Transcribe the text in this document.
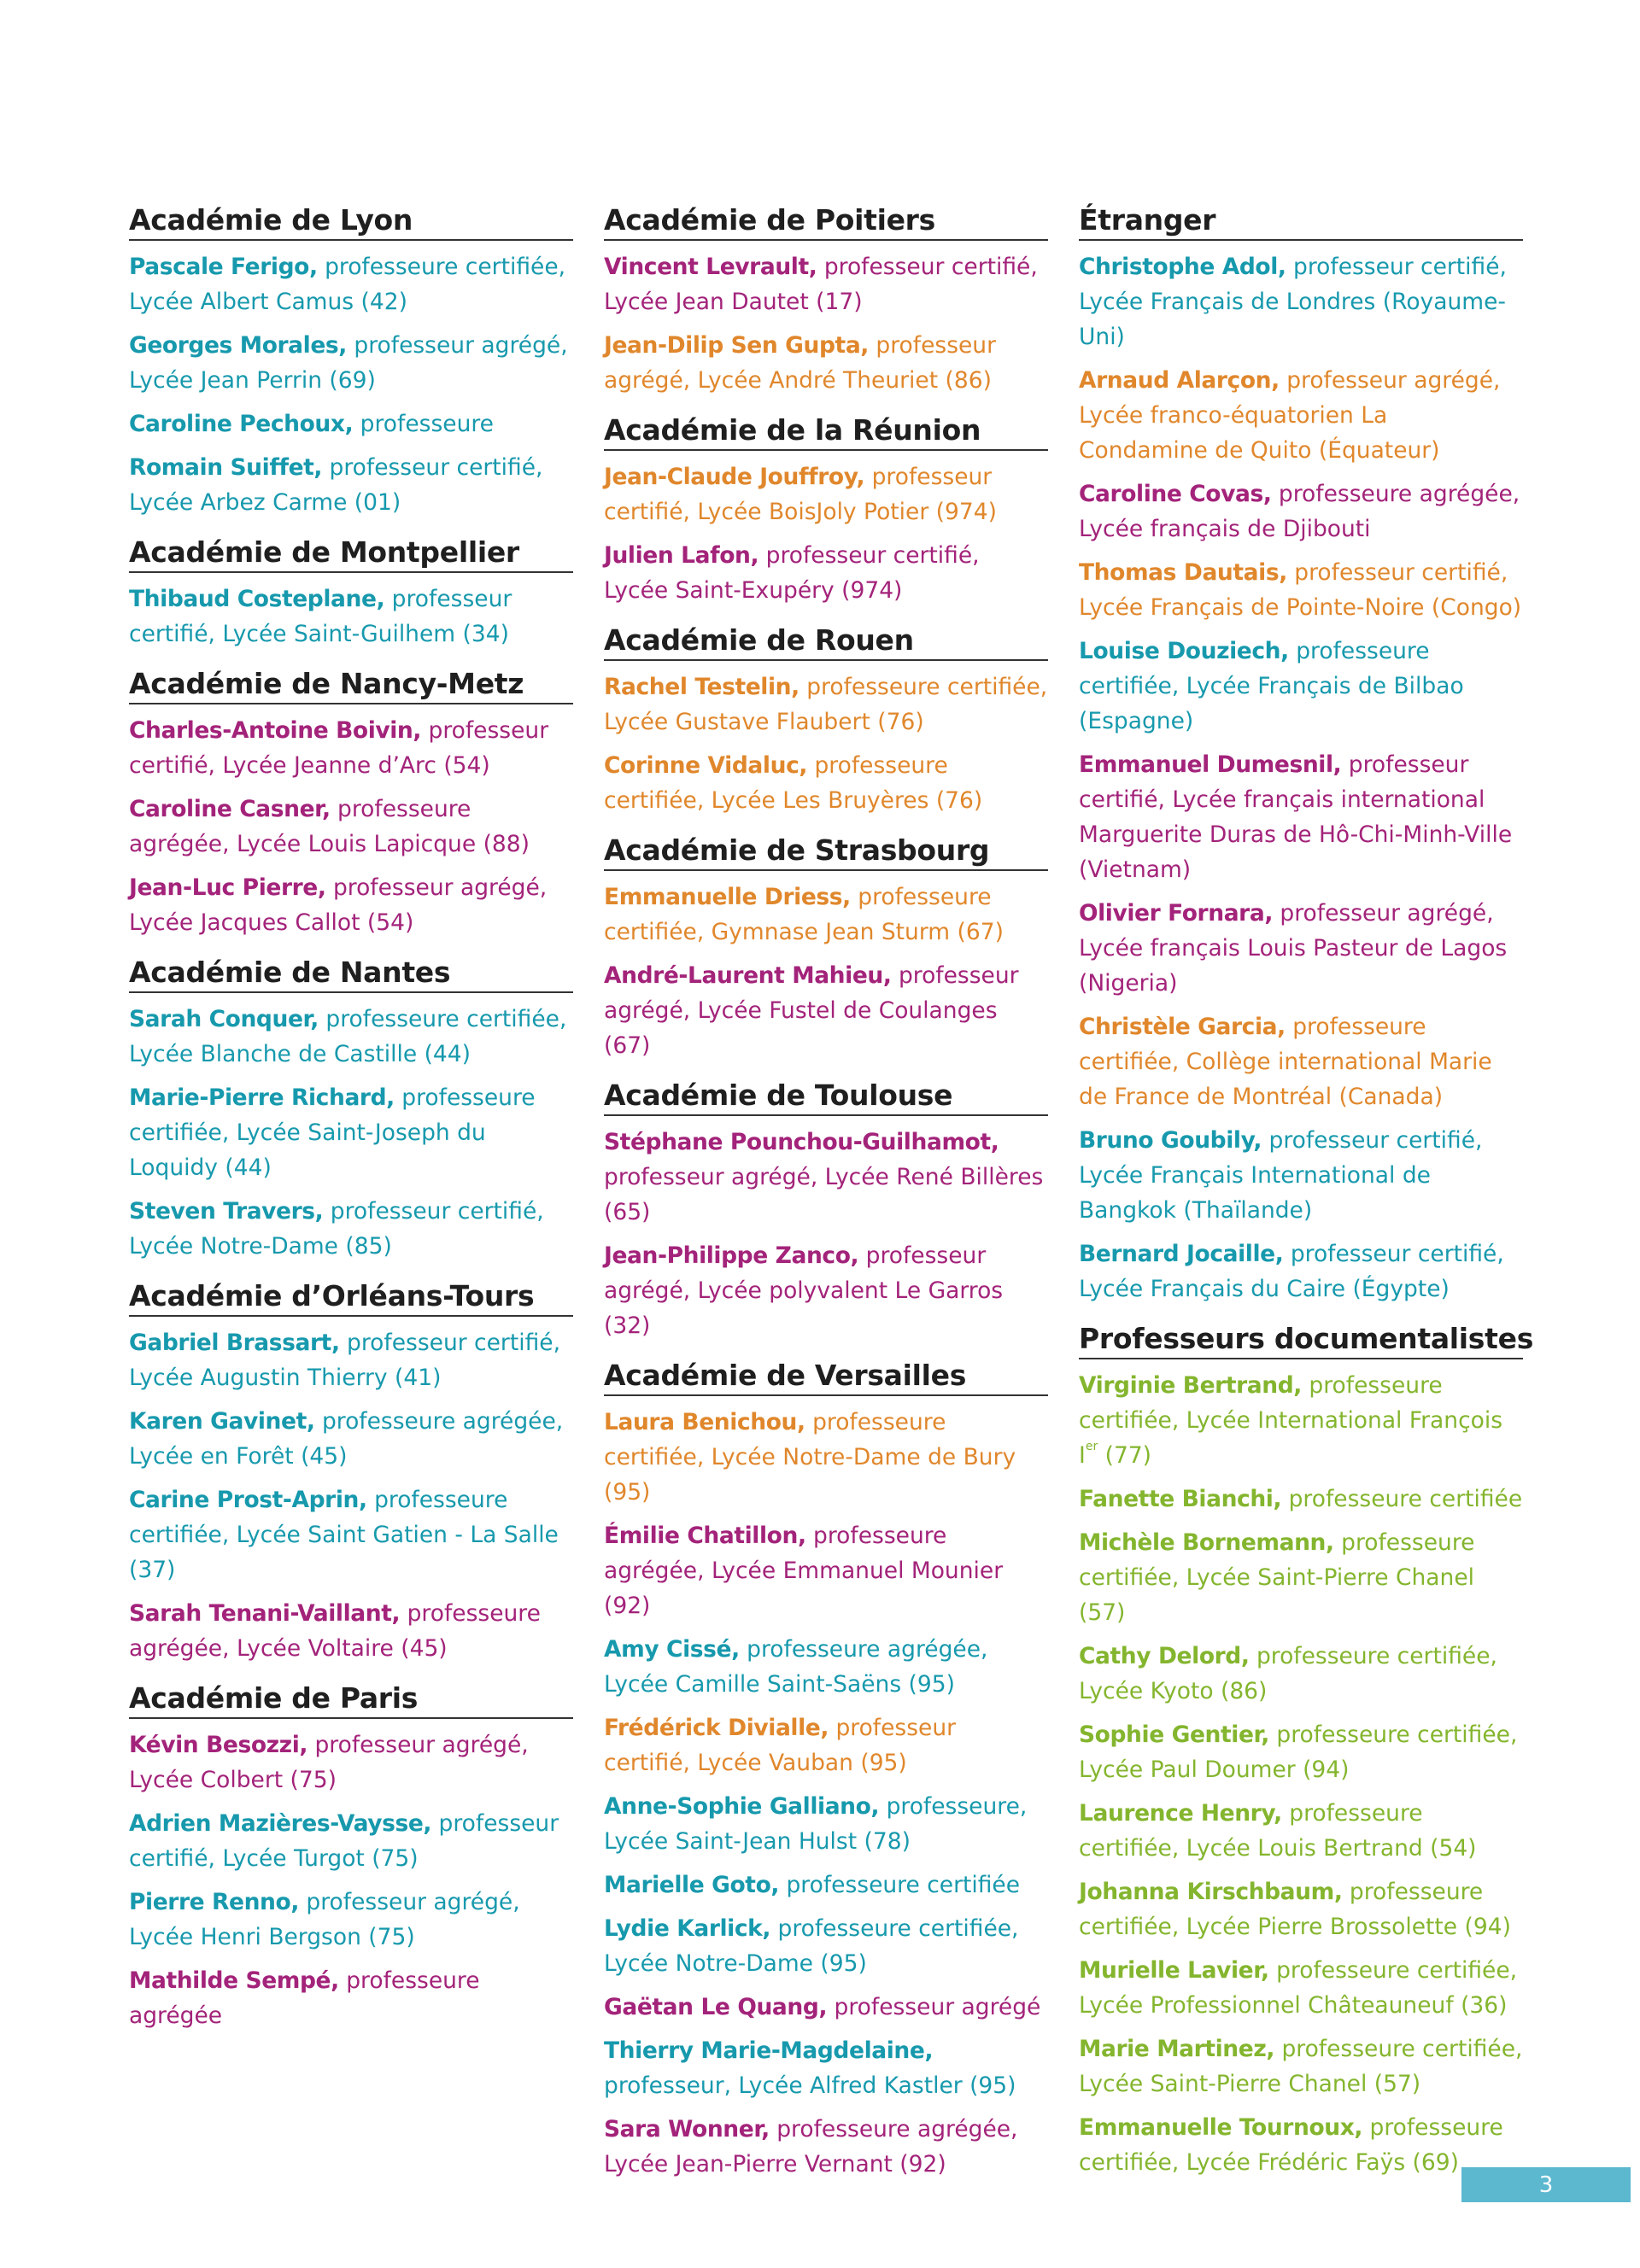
Académie de Lyon
Pascale Ferigo, professeure certifiée, Lycée Albert Camus (42)
Georges Morales, professeur agrégé, Lycée Jean Perrin (69)
Caroline Pechoux, professeure
Romain Suiffet, professeur certifié, Lycée Arbez Carme (01)
Académie de Montpellier
Thibaud Costeplane, professeur certifié, Lycée Saint-Guilhem (34)
Académie de Nancy-Metz
Charles-Antoine Boivin, professeur certifié, Lycée Jeanne d’Arc (54)
Caroline Casner, professeure agrégée, Lycée Louis Lapicque (88)
Jean-Luc Pierre, professeur agrégé, Lycée Jacques Callot (54)
Académie de Nantes
Sarah Conquer, professeure certifiée, Lycée Blanche de Castille (44)
Marie-Pierre Richard, professeure certifiée, Lycée Saint-Joseph du Loquidy (44)
Steven Travers, professeur certifié, Lycée Notre-Dame (85)
Académie d’Orléans-Tours
Gabriel Brassart, professeur certifié, Lycée Augustin Thierry (41)
Karen Gavinet, professeure agrégée, Lycée en Forêt (45)
Carine Prost-Aprin, professeure certifiée, Lycée Saint Gatien - La Salle (37)
Sarah Tenani-Vaillant, professeure agrégée, Lycée Voltaire (45)
Académie de Paris
Kévin Besozzi, professeur agrégé, Lycée Colbert (75)
Adrien Mazières-Vaysse, professeur certifié, Lycée Turgot (75)
Pierre Renno, professeur agrégé, Lycée Henri Bergson (75)
Mathilde Sempé, professeure agrégée
Académie de Poitiers
Vincent Levrault, professeur certifié, Lycée Jean Dautet (17)
Jean-Dilip Sen Gupta, professeur agrégé, Lycée André Theuriet (86)
Académie de la Réunion
Jean-Claude Jouffroy, professeur certifié, Lycée BoisJoly Potier (974)
Julien Lafon, professeur certifié, Lycée Saint-Exupéry (974)
Académie de Rouen
Rachel Testelin, professeure certifiée, Lycée Gustave Flaubert (76)
Corinne Vidaluc, professeure certifiée, Lycée Les Bruyères (76)
Académie de Strasbourg
Emmanuelle Driess, professeure certifiée, Gymnase Jean Sturm (67)
André-Laurent Mahieu, professeur agrégé, Lycée Fustel de Coulanges (67)
Académie de Toulouse
Stéphane Pounchou-Guilhamot, professeur agrégé, Lycée René Billères (65)
Jean-Philippe Zanco, professeur agrégé, Lycée polyvalent Le Garros (32)
Académie de Versailles
Laura Benichou, professeure certifiée, Lycée Notre-Dame de Bury (95)
Émilie Chatillon, professeure agrégée, Lycée Emmanuel Mounier (92)
Amy Cissé, professeure agrégée, Lycée Camille Saint-Saëns (95)
Frédérick Divialle, professeur certifié, Lycée Vauban (95)
Anne-Sophie Galliano, professeure, Lycée Saint-Jean Hulst (78)
Marielle Goto, professeure certifiée
Lydie Karlick, professeure certifiée, Lycée Notre-Dame (95)
Gaëtan Le Quang, professeur agrégé
Thierry Marie-Magdelaine, professeur, Lycée Alfred Kastler (95)
Sara Wonner, professeure agrégée, Lycée Jean-Pierre Vernant (92)
Étranger
Christophe Adol, professeur certifié, Lycée Français de Londres (Royaume-Uni)
Arnaud Alarçon, professeur agrégé, Lycée franco-équatorien La Condamine de Quito (Équateur)
Caroline Covas, professeure agrégée, Lycée français de Djibouti
Thomas Dautais, professeur certifié, Lycée Français de Pointe-Noire (Congo)
Louise Douziech, professeure certifiée, Lycée Français de Bilbao (Espagne)
Emmanuel Dumesnil, professeur certifié, Lycée français international Marguerite Duras de Hô-Chi-Minh-Ville (Vietnam)
Olivier Fornara, professeur agrégé, Lycée français Louis Pasteur de Lagos (Nigeria)
Christèle Garcia, professeure certifiée, Collège international Marie de France de Montréal (Canada)
Bruno Goubily, professeur certifié, Lycée Français International de Bangkok (Thaïlande)
Bernard Jocaille, professeur certifié, Lycée Français du Caire (Égypte)
Professeurs documentalistes
Virginie Bertrand, professeure certifiée, Lycée International François Ier (77)
Fanette Bianchi, professeure certifiée
Michèle Bornemann, professeure certifiée, Lycée Saint-Pierre Chanel (57)
Cathy Delord, professeure certifiée, Lycée Kyoto (86)
Sophie Gentier, professeure certifiée, Lycée Paul Doumer (94)
Laurence Henry, professeure certifiée, Lycée Louis Bertrand (54)
Johanna Kirschbaum, professeure certifiée, Lycée Pierre Brossolette (94)
Murielle Lavier, professeure certifiée, Lycée Professionnel Châteauneuf (36)
Marie Martinez, professeure certifiée, Lycée Saint-Pierre Chanel (57)
Emmanuelle Tournoux, professeure certifiée, Lycée Frédéric Faÿs (69)
3
